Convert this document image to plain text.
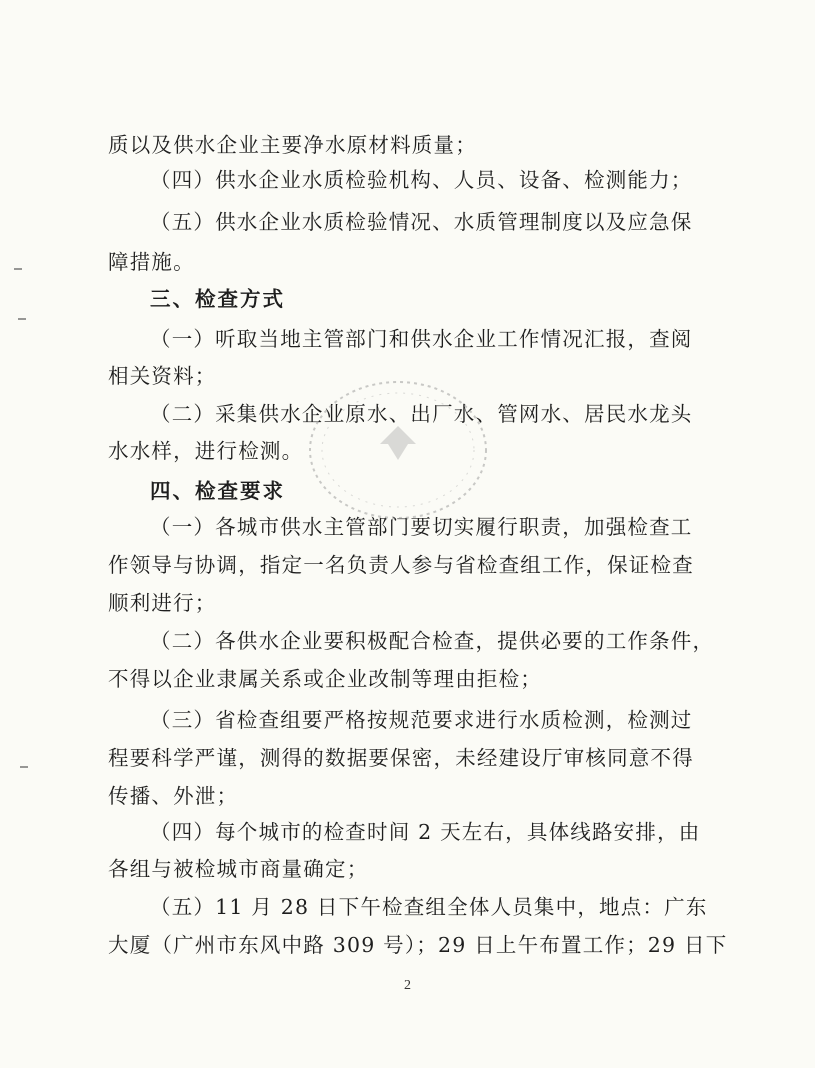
质以及供水企业主要净水原材料质量；
（四）供水企业水质检验机构、人员、设备、检测能力；
（五）供水企业水质检验情况、水质管理制度以及应急保
障措施。
三、检查方式
（一）听取当地主管部门和供水企业工作情况汇报，查阅
相关资料；
（二）采集供水企业原水、出厂水、管网水、居民水龙头
水水样，进行检测。
四、检查要求
（一）各城市供水主管部门要切实履行职责，加强检查工
作领导与协调，指定一名负责人参与省检查组工作，保证检查
顺利进行；
（二）各供水企业要积极配合检查，提供必要的工作条件，
不得以企业隶属关系或企业改制等理由拒检；
（三）省检查组要严格按规范要求进行水质检测，检测过
程要科学严谨，测得的数据要保密，未经建设厅审核同意不得
传播、外泄；
（四）每个城市的检查时间 2 天左右，具体线路安排，由
各组与被检城市商量确定；
（五）11 月 28 日下午检查组全体人员集中，地点：广东
大厦（广州市东风中路 309 号）；29 日上午布置工作；29 日下
2
